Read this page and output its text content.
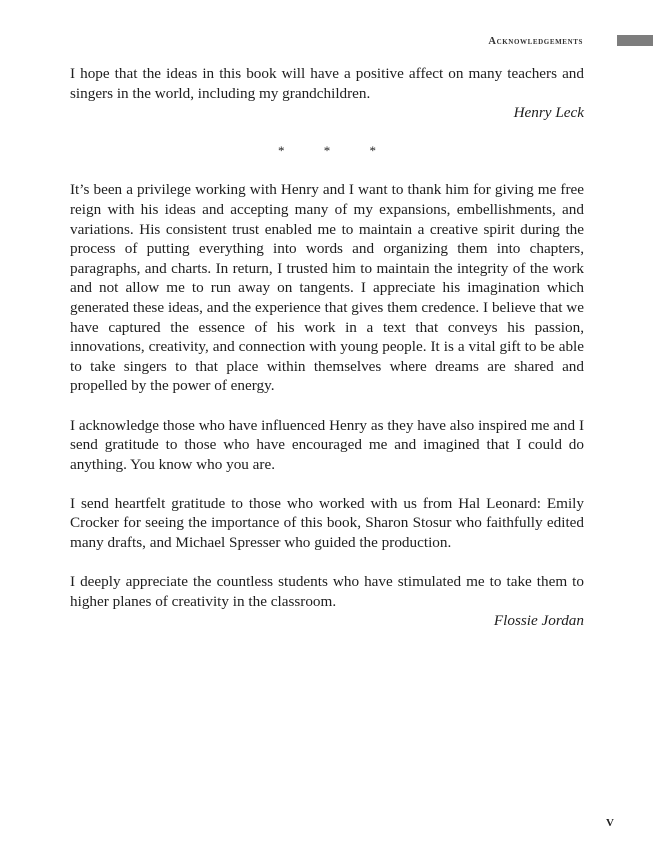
Acknowledgements

I hope that the ideas in this book will have a positive affect on many teachers and singers in the world, including my grandchildren.

Henry Leck

*	*	*

It’s been a privilege working with Henry and I want to thank him for giving me free reign with his ideas and accepting many of my expansions, embellishments, and variations. His consistent trust enabled me to maintain a creative spirit during the process of putting everything into words and organizing them into chapters, paragraphs, and charts. In return, I trusted him to maintain the integrity of the work and not allow me to run away on tangents. I appreciate his imagination which generated these ideas, and the experience that gives them credence. I believe that we have captured the essence of his work in a text that conveys his passion, innovations, creativity, and connection with young people. It is a vital gift to be able to take singers to that place within themselves where dreams are shared and propelled by the power of energy.

I acknowledge those who have influenced Henry as they have also inspired me and I send gratitude to those who have encouraged me and imagined that I could do anything. You know who you are.

I send heartfelt gratitude to those who worked with us from Hal Leonard: Emily Crocker for seeing the importance of this book, Sharon Stosur who faithfully edited many drafts, and Michael Spresser who guided the production.

I deeply appreciate the countless students who have stimulated me to take them to higher planes of creativity in the classroom.

Flossie Jordan

v
